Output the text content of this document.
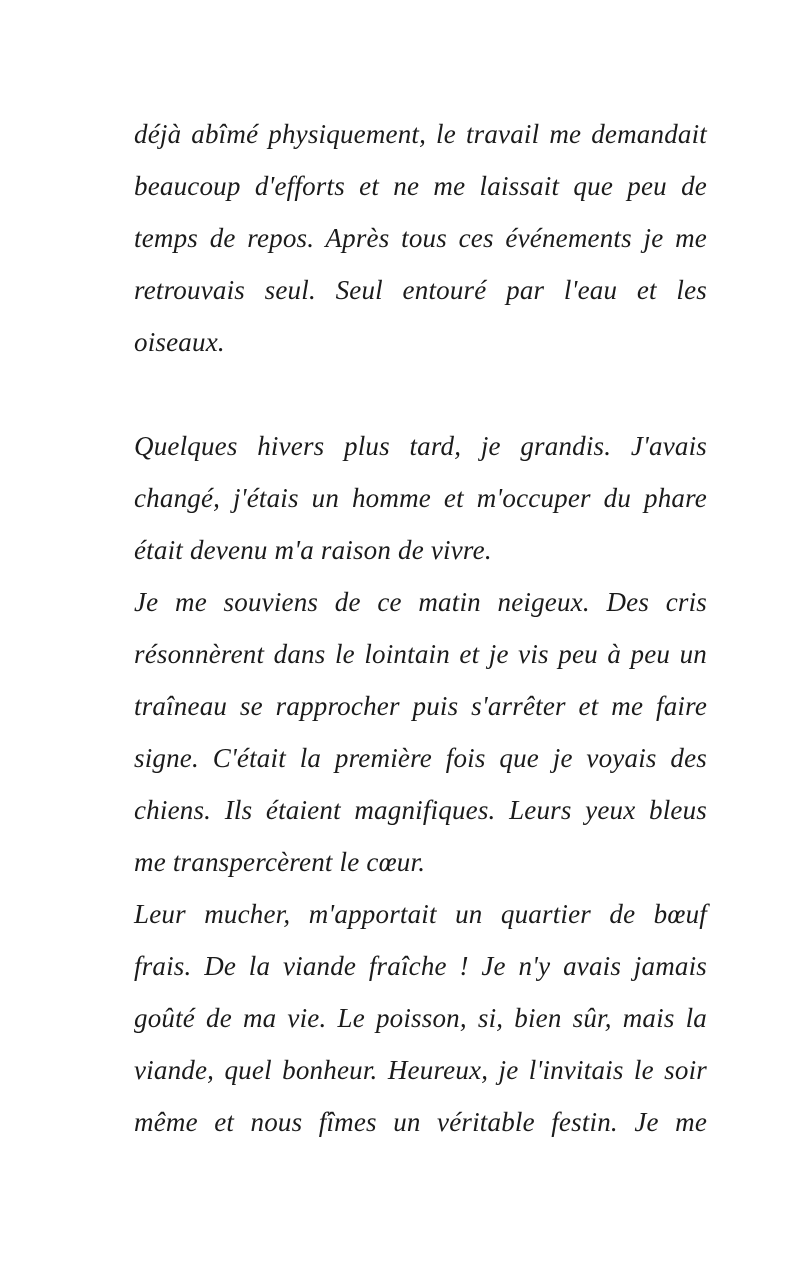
déjà abîmé physiquement, le travail me demandait
beaucoup d'efforts et ne me laissait que peu de
temps de repos. Après tous ces événements je me
retrouvais seul. Seul entouré par l'eau et les
oiseaux.
Quelques hivers plus tard, je grandis. J'avais
changé, j'étais un homme et m'occuper du phare
était devenu m'a raison de vivre.
Je me souviens de ce matin neigeux. Des cris
résonnèrent dans le lointain et je vis peu à peu un
traîneau se rapprocher puis s'arrêter et me faire
signe. C'était la première fois que je voyais des
chiens. Ils étaient magnifiques. Leurs yeux bleus
me transpercèrent le cœur.
Leur mucher, m'apportait un quartier de bœuf
frais. De la viande fraîche ! Je n'y avais jamais
goûté de ma vie. Le poisson, si, bien sûr, mais la
viande, quel bonheur. Heureux, je l'invitais le soir
même et nous fîmes un véritable festin. Je me
